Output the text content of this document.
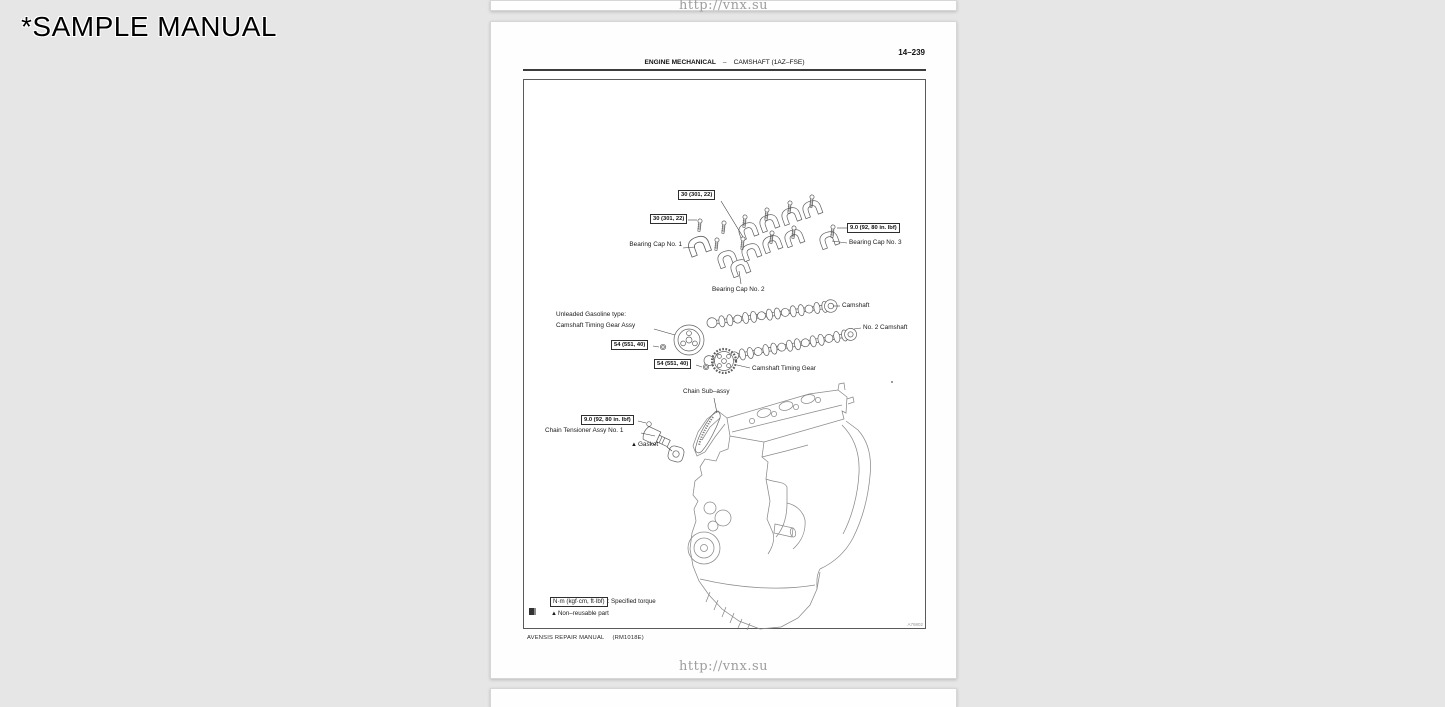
*SAMPLE MANUAL
http://vnx.su
14–239
ENGINE MECHANICAL – CAMSHAFT (1AZ–FSE)
30 (301, 22)
30 (301, 22)
9.0 (92, 80 in. lbf)
54 (551, 40)
54 (551, 40)
9.0 (92, 80 in. lbf)
Bearing Cap No. 1
Bearing Cap No. 2
Bearing Cap No. 3
Camshaft
No. 2 Camshaft
Unleaded Gasoline type:
Camshaft Timing Gear Assy
Camshaft Timing Gear
Chain Sub–assy
Chain Tensioner Assy No. 1
▲Gasket
N·m (kgf·cm, ft·lbf) : Specified torque
▲Non–reusable part
A79802
AVENSIS REPAIR MANUAL (RM1018E)
http://vnx.su
